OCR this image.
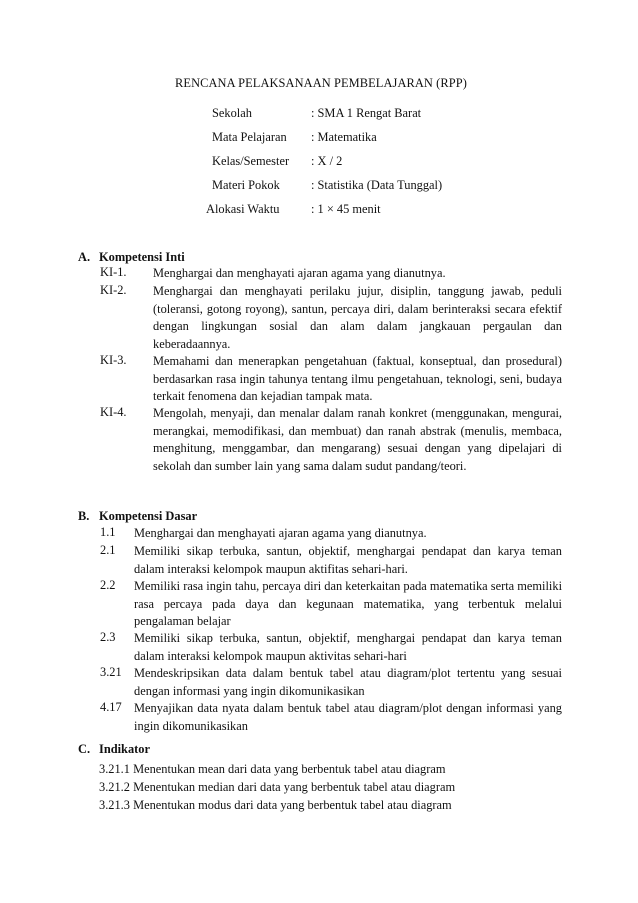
RENCANA PELAKSANAAN PEMBELAJARAN (RPP)
Sekolah	: SMA 1 Rengat Barat
Mata Pelajaran : Matematika
Kelas/Semester : X / 2
Materi Pokok	: Statistika (Data Tunggal)
Alokasi Waktu	: 1 × 45 menit
A. Kompetensi Inti
KI-1. Menghargai dan menghayati ajaran agama yang dianutnya.
KI-2. Menghargai dan menghayati perilaku jujur, disiplin, tanggung jawab, peduli (toleransi, gotong royong), santun, percaya diri, dalam berinteraksi secara efektif dengan lingkungan sosial dan alam dalam jangkauan pergaulan dan keberadaannya.
KI-3. Memahami dan menerapkan pengetahuan (faktual, konseptual, dan prosedural) berdasarkan rasa ingin tahunya tentang ilmu pengetahuan, teknologi, seni, budaya terkait fenomena dan kejadian tampak mata.
KI-4. Mengolah, menyaji, dan menalar dalam ranah konkret (menggunakan, mengurai, merangkai, memodifikasi, dan membuat) dan ranah abstrak (menulis, membaca, menghitung, menggambar, dan mengarang) sesuai dengan yang dipelajari di sekolah dan sumber lain yang sama dalam sudut pandang/teori.
B. Kompetensi Dasar
1.1 Menghargai dan menghayati ajaran agama yang dianutnya.
2.1 Memiliki sikap terbuka, santun, objektif, menghargai pendapat dan karya teman dalam interaksi kelompok maupun aktifitas sehari-hari.
2.2 Memiliki rasa ingin tahu, percaya diri dan keterkaitan pada matematika serta memiliki rasa percaya pada daya dan kegunaan matematika, yang terbentuk melalui pengalaman belajar
2.3 Memiliki sikap terbuka, santun, objektif, menghargai pendapat dan karya teman dalam interaksi kelompok maupun aktivitas sehari-hari
3.21 Mendeskripsikan data dalam bentuk tabel atau diagram/plot tertentu yang sesuai dengan informasi yang ingin dikomunikasikan
4.17 Menyajikan data nyata dalam bentuk tabel atau diagram/plot dengan informasi yang ingin dikomunikasikan
C. Indikator
3.21.1 Menentukan mean dari data yang berbentuk tabel atau diagram
3.21.2 Menentukan median dari data yang berbentuk tabel atau diagram
3.21.3 Menentukan modus dari data yang berbentuk tabel atau diagram
